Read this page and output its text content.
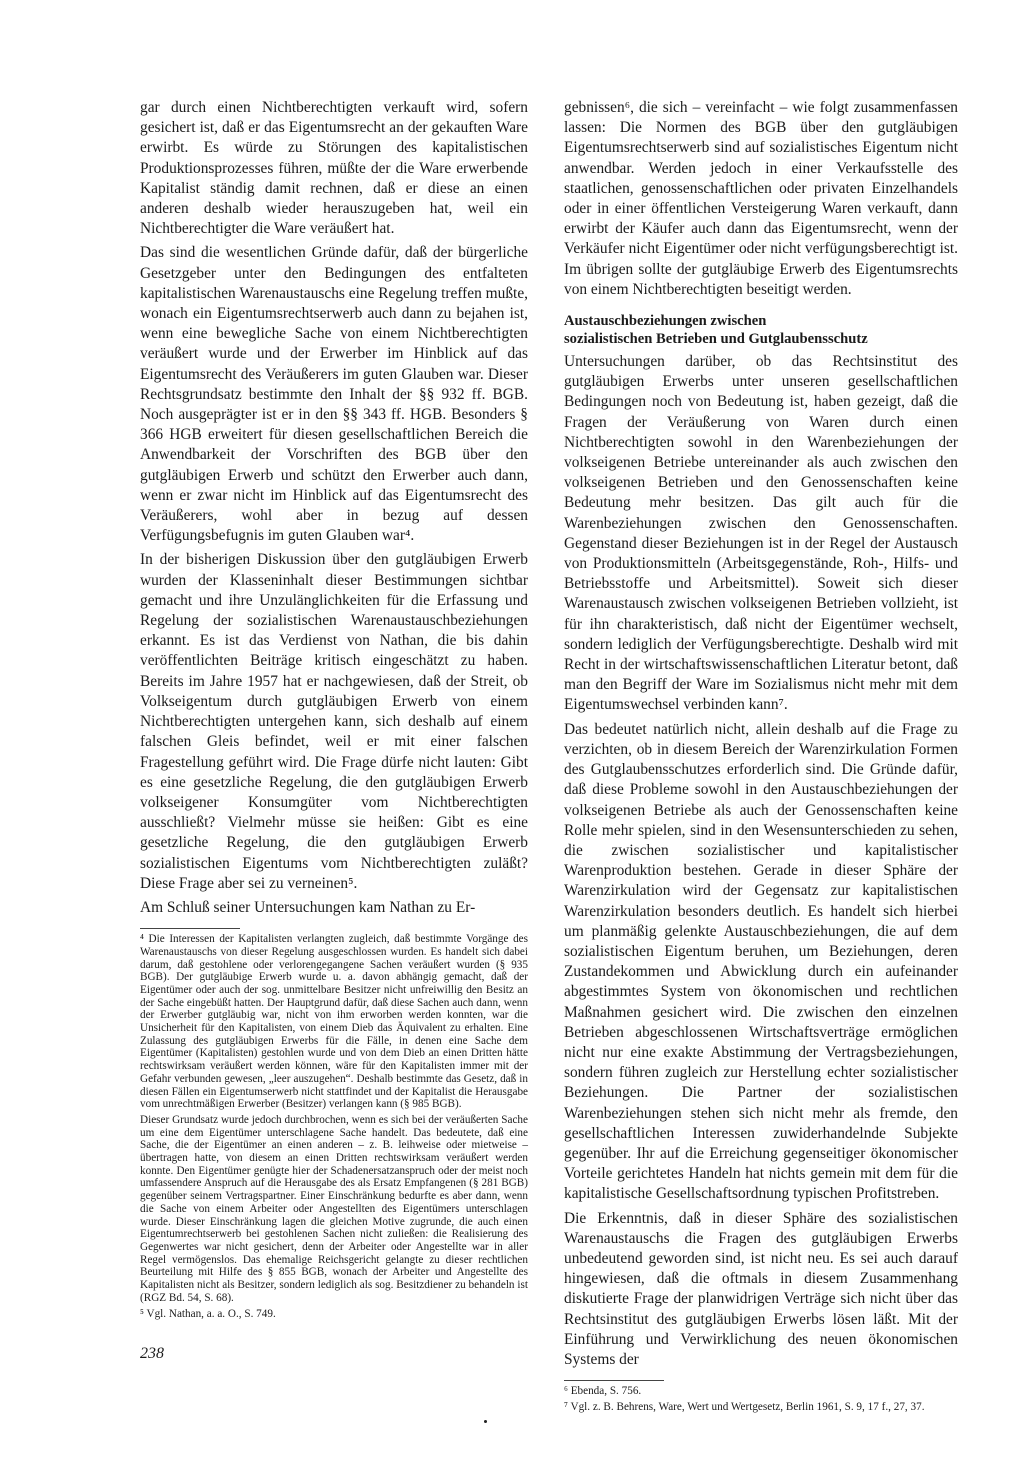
gar durch einen Nichtberechtigten verkauft wird, sofern gesichert ist, daß er das Eigentumsrecht an der gekauften Ware erwirbt. Es würde zu Störungen des kapitalistischen Produktionsprozesses führen, müßte der die Ware erwerbende Kapitalist ständig damit rechnen, daß er diese an einen anderen deshalb wieder herauszugeben hat, weil ein Nichtberechtigter die Ware veräußert hat.

Das sind die wesentlichen Gründe dafür, daß der bürgerliche Gesetzgeber unter den Bedingungen des entfalteten kapitalistischen Warenaustauschs eine Regelung treffen mußte, wonach ein Eigentumsrechtserwerb auch dann zu bejahen ist, wenn eine bewegliche Sache von einem Nichtberechtigten veräußert wurde und der Erwerber im Hinblick auf das Eigentumsrecht des Veräußerers im guten Glauben war. Dieser Rechtsgrundsatz bestimmte den Inhalt der §§ 932 ff. BGB. Noch ausgeprägter ist er in den §§ 343 ff. HGB. Besonders § 366 HGB erweitert für diesen gesellschaftlichen Bereich die Anwendbarkeit der Vorschriften des BGB über den gutgläubigen Erwerb und schützt den Erwerber auch dann, wenn er zwar nicht im Hinblick auf das Eigentumsrecht des Veräußerers, wohl aber in bezug auf dessen Verfügungsbefugnis im guten Glauben war⁴.

In der bisherigen Diskussion über den gutgläubigen Erwerb wurden der Klasseninhalt dieser Bestimmungen sichtbar gemacht und ihre Unzulänglichkeiten für die Erfassung und Regelung der sozialistischen Warenaustauschbeziehungen erkannt. Es ist das Verdienst von Nathan, die bis dahin veröffentlichten Beiträge kritisch eingeschätzt zu haben. Bereits im Jahre 1957 hat er nachgewiesen, daß der Streit, ob Volkseigentum durch gutgläubigen Erwerb von einem Nichtberechtigten untergehen kann, sich deshalb auf einem falschen Gleis befindet, weil er mit einer falschen Fragestellung geführt wird. Die Frage dürfe nicht lauten: Gibt es eine gesetzliche Regelung, die den gutgläubigen Erwerb volkseigener Konsumgüter vom Nichtberechtigten ausschließt? Vielmehr müsse sie heißen: Gibt es eine gesetzliche Regelung, die den gutgläubigen Erwerb sozialistischen Eigentums vom Nichtberechtigten zuläßt? Diese Frage aber sei zu verneinen⁵.

Am Schluß seiner Untersuchungen kam Nathan zu Er-

⁴ Die Interessen der Kapitalisten verlangten zugleich, daß bestimmte Vorgänge des Warenaustauschs von dieser Regelung ausgeschlossen wurden. Es handelt sich dabei darum, daß gestohlene oder verlorengegangene Sachen veräußert wurden (§ 935 BGB). Der gutgläubige Erwerb wurde u. a. davon abhängig gemacht, daß der Eigentümer oder auch der sog. unmittelbare Besitzer nicht unfreiwillig den Besitz an der Sache eingebüßt hatten. Der Hauptgrund dafür, daß diese Sachen auch dann, wenn der Erwerber gutgläubig war, nicht von ihm erworben werden konnten, war die Unsicherheit für den Kapitalisten, von einem Dieb das Äquivalent zu erhalten. Eine Zulassung des gutgläubigen Erwerbs für die Fälle, in denen eine Sache dem Eigentümer (Kapitalisten) gestohlen wurde und von dem Dieb an einen Dritten hätte rechtswirksam veräußert werden können, wäre für den Kapitalisten immer mit der Gefahr verbunden gewesen, „leer auszugehen“. Deshalb bestimmte das Gesetz, daß in diesen Fällen ein Eigentumserwerb nicht stattfindet und der Kapitalist die Herausgabe vom unrechtmäßigen Erwerber (Besitzer) verlangen kann (§ 985 BGB).

Dieser Grundsatz wurde jedoch durchbrochen, wenn es sich bei der veräußerten Sache um eine dem Eigentümer unterschlagene Sache handelt. Das bedeutete, daß eine Sache, die der Eigentümer an einen anderen – z. B. leihweise oder mietweise – übertragen hatte, von diesem an einen Dritten rechtswirksam veräußert werden konnte. Den Eigentümer genügte hier der Schadenersatzanspruch oder der meist noch umfassendere Anspruch auf die Herausgabe des als Ersatz Empfangenen (§ 281 BGB) gegenüber seinem Vertragspartner. Einer Einschränkung bedurfte es aber dann, wenn die Sache von einem Arbeiter oder Angestellten des Eigentümers unterschlagen wurde. Dieser Einschränkung lagen die gleichen Motive zugrunde, die auch einen Eigentumrechtserwerb bei gestohlenen Sachen nicht zuließen: die Realisierung des Gegenwertes war nicht gesichert, denn der Arbeiter oder Angestellte war in aller Regel vermögenslos. Das ehemalige Reichsgericht gelangte zu dieser rechtlichen Beurteilung mit Hilfe des § 855 BGB, wonach der Arbeiter und Angestellte des Kapitalisten nicht als Besitzer, sondern lediglich als sog. Besitzdiener zu behandeln ist (RGZ Bd. 54, S. 68).

⁵ Vgl. Nathan, a. a. O., S. 749.

gebnissen⁶, die sich – vereinfacht – wie folgt zusammenfassen lassen: Die Normen des BGB über den gutgläubigen Eigentumsrechtserwerb sind auf sozialistisches Eigentum nicht anwendbar. Werden jedoch in einer Verkaufsstelle des staatlichen, genossenschaftlichen oder privaten Einzelhandels oder in einer öffentlichen Versteigerung Waren verkauft, dann erwirbt der Käufer auch dann das Eigentumsrecht, wenn der Verkäufer nicht Eigentümer oder nicht verfügungsberechtigt ist. Im übrigen sollte der gutgläubige Erwerb des Eigentumsrechts von einem Nichtberechtigten beseitigt werden.

Austauschbeziehungen zwischen
sozialistischen Betrieben und Gutglaubensschutz

Untersuchungen darüber, ob das Rechtsinstitut des gutgläubigen Erwerbs unter unseren gesellschaftlichen Bedingungen noch von Bedeutung ist, haben gezeigt, daß die Fragen der Veräußerung von Waren durch einen Nichtberechtigten sowohl in den Warenbeziehungen der volkseigenen Betriebe untereinander als auch zwischen den volkseigenen Betrieben und den Genossenschaften keine Bedeutung mehr besitzen. Das gilt auch für die Warenbeziehungen zwischen den Genossenschaften. Gegenstand dieser Beziehungen ist in der Regel der Austausch von Produktionsmitteln (Arbeitsgegenstände, Roh-, Hilfs- und Betriebsstoffe und Arbeitsmittel). Soweit sich dieser Warenaustausch zwischen volkseigenen Betrieben vollzieht, ist für ihn charakteristisch, daß nicht der Eigentümer wechselt, sondern lediglich der Verfügungsberechtigte. Deshalb wird mit Recht in der wirtschaftswissenschaftlichen Literatur betont, daß man den Begriff der Ware im Sozialismus nicht mehr mit dem Eigentumswechsel verbinden kann⁷.

Das bedeutet natürlich nicht, allein deshalb auf die Frage zu verzichten, ob in diesem Bereich der Warenzirkulation Formen des Gutglaubensschutzes erforderlich sind. Die Gründe dafür, daß diese Probleme sowohl in den Austauschbeziehungen der volkseigenen Betriebe als auch der Genossenschaften keine Rolle mehr spielen, sind in den Wesensunterschieden zu sehen, die zwischen sozialistischer und kapitalistischer Warenproduktion bestehen. Gerade in dieser Sphäre der Warenzirkulation wird der Gegensatz zur kapitalistischen Warenzirkulation besonders deutlich. Es handelt sich hierbei um planmäßig gelenkte Austauschbeziehungen, die auf dem sozialistischen Eigentum beruhen, um Beziehungen, deren Zustandekommen und Abwicklung durch ein aufeinander abgestimmtes System von ökonomischen und rechtlichen Maßnahmen gesichert wird. Die zwischen den einzelnen Betrieben abgeschlossenen Wirtschaftsverträge ermöglichen nicht nur eine exakte Abstimmung der Vertragsbeziehungen, sondern führen zugleich zur Herstellung echter sozialistischer Beziehungen. Die Partner der sozialistischen Warenbeziehungen stehen sich nicht mehr als fremde, den gesellschaftlichen Interessen zuwiderhandelnde Subjekte gegenüber. Ihr auf die Erreichung gegenseitiger ökonomischer Vorteile gerichtetes Handeln hat nichts gemein mit dem für die kapitalistische Gesellschaftsordnung typischen Profitstreben.

Die Erkenntnis, daß in dieser Sphäre des sozialistischen Warenaustauschs die Fragen des gutgläubigen Erwerbs unbedeutend geworden sind, ist nicht neu. Es sei auch darauf hingewiesen, daß die oftmals in diesem Zusammenhang diskutierte Frage der planwidrigen Verträge sich nicht über das Rechtsinstitut des gutgläubigen Erwerbs lösen läßt. Mit der Einführung und Verwirklichung des neuen ökonomischen Systems der

⁶ Ebenda, S. 756.

⁷ Vgl. z. B. Behrens, Ware, Wert und Wertgesetz, Berlin 1961, S. 9, 17 f., 27, 37.

238
